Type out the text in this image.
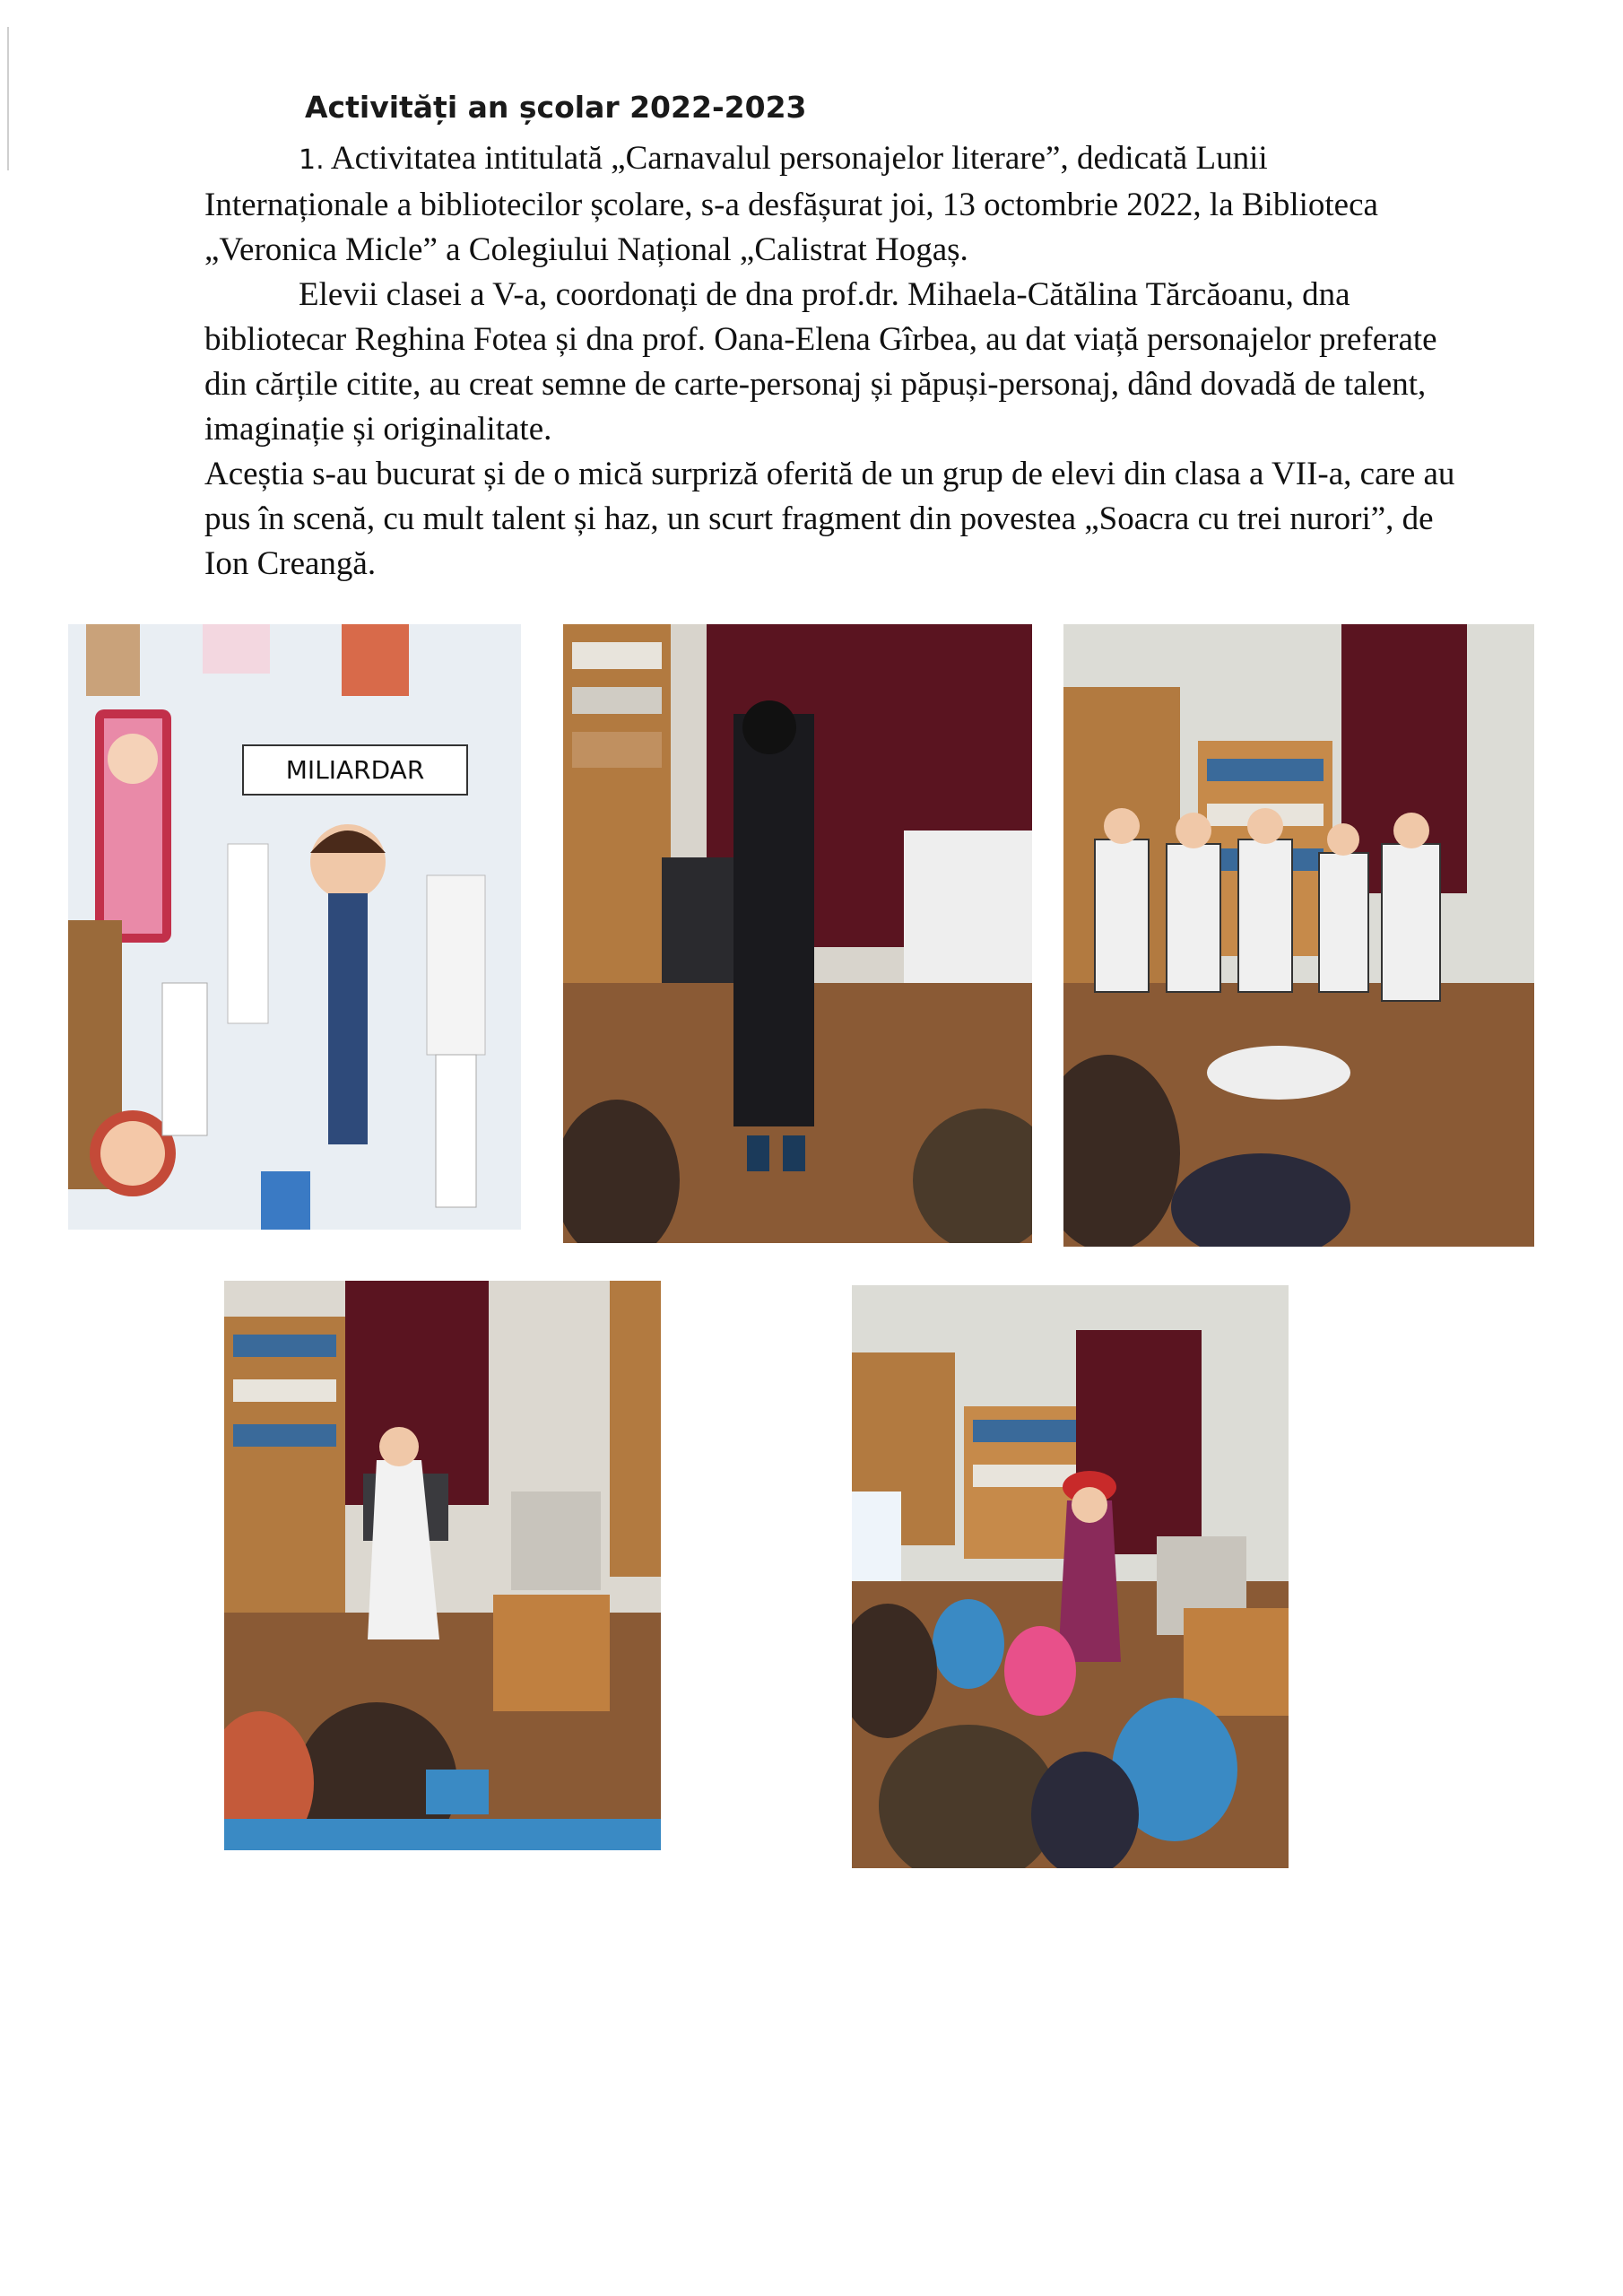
Activități an școlar 2022-2023

1. Activitatea intitulată „Carnavalul personajelor literare”, dedicată Lunii Internaționale a bibliotecilor școlare, s-a desfășurat joi, 13 octombrie 2022, la Biblioteca „Veronica Micle” a Colegiului Național „Calistrat Hogaș.

Elevii clasei a V-a, coordonați de dna prof.dr. Mihaela-Cătălina Tărcăoanu, dna bibliotecar Reghina Fotea și dna prof. Oana-Elena Gîrbea, au dat viață personajelor preferate din cărțile citite, au creat semne de carte-personaj și păpuși-personaj, dând dovadă de talent, imaginație și originalitate.

Aceștia s-au bucurat și de o mică surpriză oferită de un grup de elevi din clasa a VII-a, care au pus în scenă, cu mult talent și haz, un scurt fragment din povestea „Soacra cu trei nurori”, de Ion Creangă.

MILIARDAR
